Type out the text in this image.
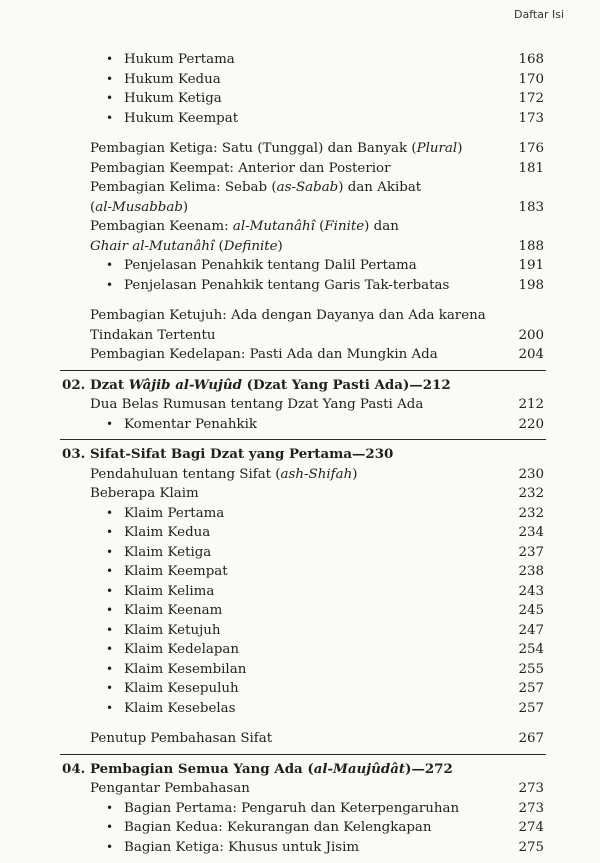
Daftar Isi
• Hukum Pertama	168
• Hukum Kedua	170
• Hukum Ketiga	172
• Hukum Keempat	173
Pembagian Ketiga: Satu (Tunggal) dan Banyak (Plural)	176
Pembagian Keempat: Anterior dan Posterior	181
Pembagian Kelima: Sebab (as-Sabab) dan Akibat
(al-Musabbab)	183
Pembagian Keenam: al-Mutanâhî (Finite) dan
Ghair al-Mutanâhî (Definite)	188
• Penjelasan Penahkik tentang Dalil Pertama	191
• Penjelasan Penahkik tentang Garis Tak-terbatas	198
Pembagian Ketujuh: Ada dengan Dayanya dan Ada karena
Tindakan Tertentu	200
Pembagian Kedelapan: Pasti Ada dan Mungkin Ada	204
02. Dzat Wâjib al-Wujûd (Dzat Yang Pasti Ada)—212
Dua Belas Rumusan tentang Dzat Yang Pasti Ada	212
• Komentar Penahkik	220
03. Sifat-Sifat Bagi Dzat yang Pertama—230
Pendahuluan tentang Sifat (ash-Shifah)	230
Beberapa Klaim	232
• Klaim Pertama	232
• Klaim Kedua	234
• Klaim Ketiga	237
• Klaim Keempat	238
• Klaim Kelima	243
• Klaim Keenam	245
• Klaim Ketujuh	247
• Klaim Kedelapan	254
• Klaim Kesembilan	255
• Klaim Kesepuluh	257
• Klaim Kesebelas	257
Penutup Pembahasan Sifat	267
04. Pembagian Semua Yang Ada (al-Maujûdât)—272
Pengantar Pembahasan	273
• Bagian Pertama: Pengaruh dan Keterpengaruhan	273
• Bagian Kedua: Kekurangan dan Kelengkapan	274
• Bagian Ketiga: Khusus untuk Jisim	275
